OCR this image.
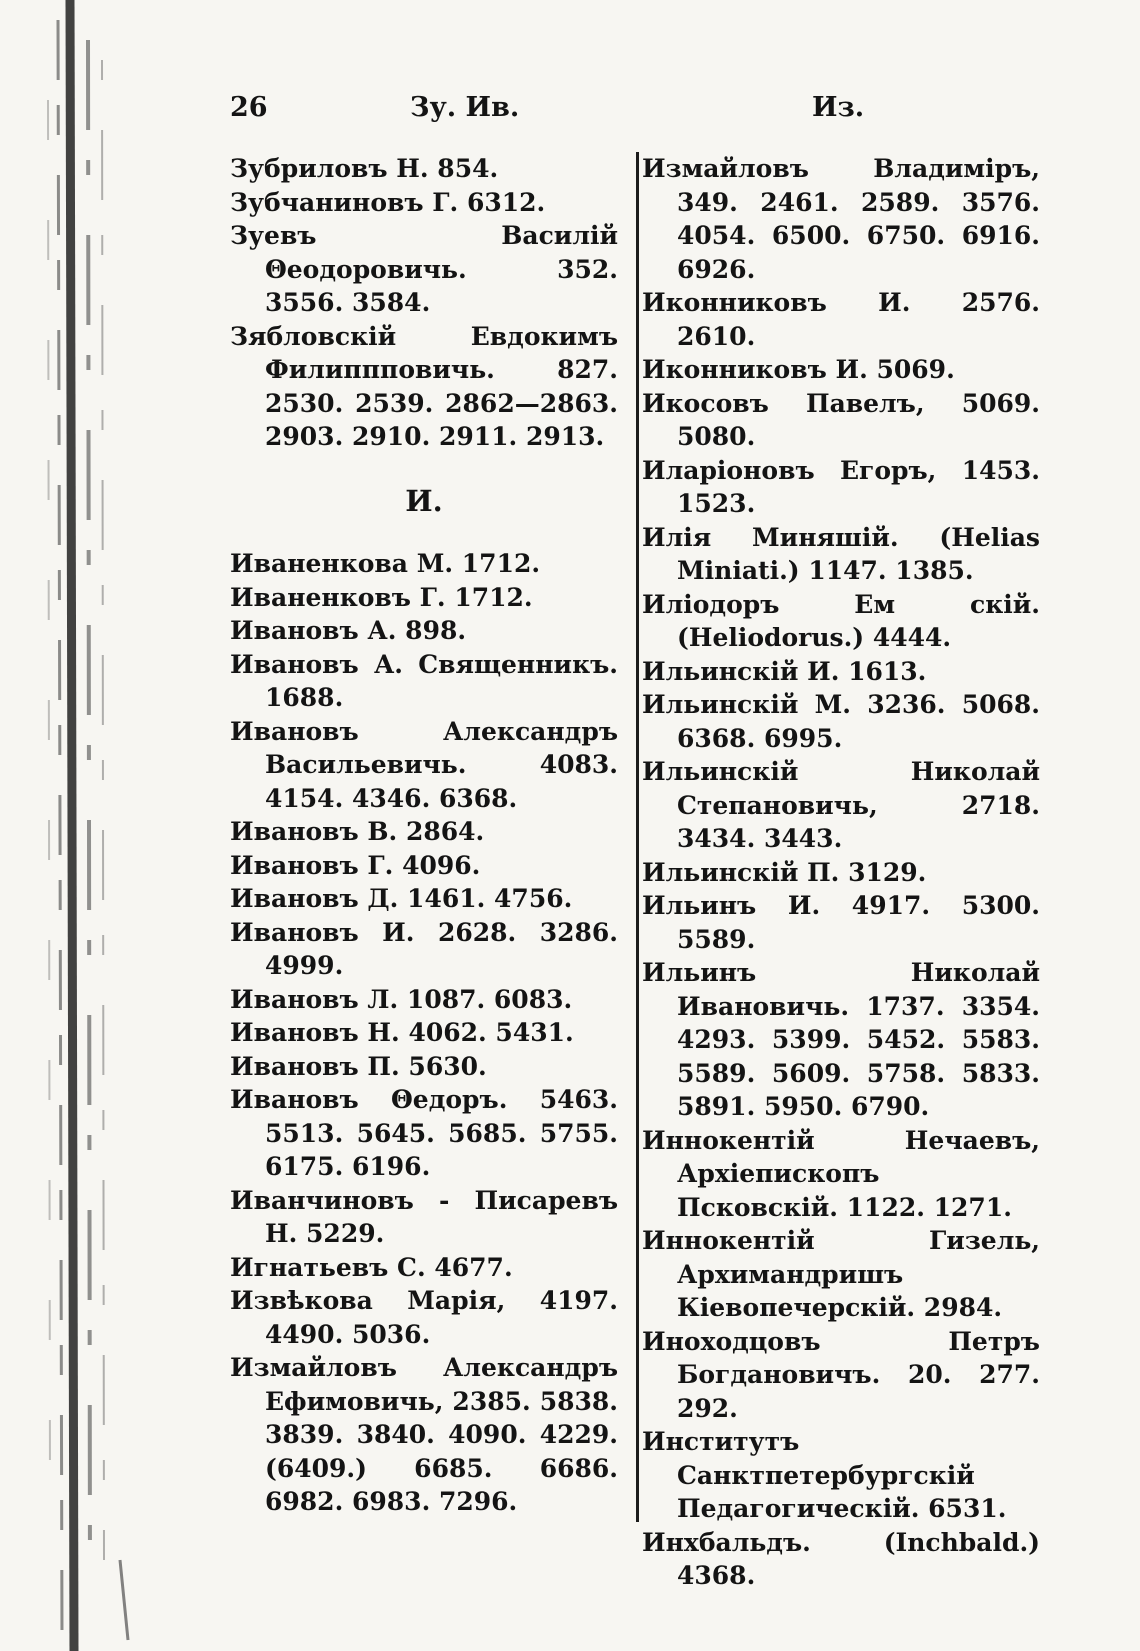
26	Зу. Ив.	Из.

Зубриловъ Н. 854.

Зубчаниновъ Г. 6312.

Зуевъ Василій Θеодоровичь. 352. 3556. 3584.

Зябловскій Евдокимъ Филиппповичь. 827. 2530. 2539. 2862—2863. 2903. 2910. 2911. 2913.

И.

Иваненкова М. 1712.

Иваненковъ Г. 1712.

Ивановъ А. 898.

Ивановъ А. Священникъ. 1688.

Ивановъ Александръ Васильевичь. 4083. 4154. 4346. 6368.

Ивановъ В. 2864.

Ивановъ Г. 4096.

Ивановъ Д. 1461. 4756.

Ивановъ И. 2628. 3286. 4999.

Ивановъ Л. 1087. 6083.

Ивановъ Н. 4062. 5431.

Ивановъ П. 5630.

Ивановъ Θедоръ. 5463. 5513. 5645. 5685. 5755. 6175. 6196.

Иванчиновъ - Писаревъ Н. 5229.

Игнатьевъ С. 4677.

Извѣкова Марія, 4197. 4490. 5036.

Измайловъ Александръ Ефимовичь, 2385. 5838. 3839. 3840. 4090. 4229. (6409.) 6685. 6686. 6982. 6983. 7296.

Измайловъ Владиміръ, 349. 2461. 2589. 3576. 4054. 6500. 6750. 6916. 6926.

Иконниковъ И. 2576. 2610.

Иконниковъ И. 5069.

Икосовъ Павелъ, 5069. 5080.

Иларіоновъ Егоръ, 1453. 1523.

Илія Миняшій. (Helias Miniati.) 1147. 1385.

Иліодоръ Ем скій. (Heliodorus.) 4444.

Ильинскій И. 1613.

Ильинскій М. 3236. 5068. 6368. 6995.

Ильинскій Николай Степановичь, 2718. 3434. 3443.

Ильинскій П. 3129.

Ильинъ И. 4917. 5300. 5589.

Ильинъ Николай Ивановичь. 1737. 3354. 4293. 5399. 5452. 5583. 5589. 5609. 5758. 5833. 5891. 5950. 6790.

Иннокентій Нечаевъ, Архіепископъ Псковскій. 1122. 1271.

Иннокентій Гизель, Архимандришъ Кіевопечерскій. 2984.

Иноходцовъ Петръ Богдановичъ. 20. 277. 292.

Институтъ Санктпетербургскій Педагогическій. 6531.

Инхбальдъ. (Inchbald.) 4368.
